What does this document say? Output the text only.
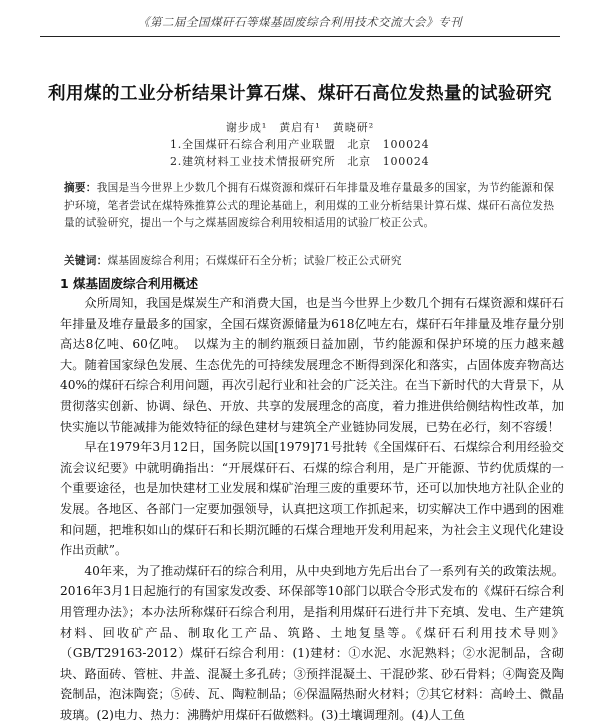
《第二届全国煤矸石等煤基固废综合利用技术交流大会》专刊
利用煤的工业分析结果计算石煤、煤矸石高位发热量的试验研究
谢步成¹　黄启有¹　黄晓研²
1.全国煤矸石综合利用产业联盟　北京　100024
2.建筑材料工业技术情报研究所　北京　100024
摘要：我国是当今世界上少数几个拥有石煤资源和煤矸石年排量及堆存量最多的国家，为节约能源和保护环境，笔者尝试在煤特殊推算公式的理论基础上，利用煤的工业分析结果计算石煤、煤矸石高位发热量的试验研究，提出一个与之煤基固废综合利用较相适用的试验厂校正公式。
关键词：煤基固废综合利用；石煤煤矸石全分析；试验厂校正公式研究
1 煤基固废综合利用概述

众所周知，我国是煤炭生产和消费大国，也是当今世界上少数几个拥有石煤资源和煤矸石年排量及堆存量最多的国家，全国石煤资源储量为618亿吨左右，煤矸石年排量及堆存量分别高达8亿吨、60亿吨。　以煤为主的制约瓶颈日益加剧，节约能源和保护环境的压力越来越大。随着国家绿色发展、生态优先的可持续发展理念不断得到深化和落实，占固体废弃物高达40%的煤矸石综合利用问题，再次引起行业和社会的广泛关注。在当下新时代的大背景下，从贯彻落实创新、协调、绿色、开放、共享的发展理念的高度，着力推进供给侧结构性改革，加快实施以节能减排为能效特征的绿色建材与建筑全产业链协同发展，已势在必行，刻不容缓！

早在1979年3月12日，国务院以国[1979]71号批转《全国煤矸石、石煤综合利用经验交流会议纪要》中就明确指出：“开展煤矸石、石煤的综合利用，是广开能源、节约优质煤的一个重要途径，也是加快建材工业发展和煤矿治理三废的重要环节，还可以加快地方社队企业的发展。各地区、各部门一定要加强领导，认真把这项工作抓起来，切实解决工作中遇到的困难和问题，把堆积如山的煤矸石和长期沉睡的石煤合理地开发利用起来，为社会主义现代化建设作出贡献”。

40年来，为了推动煤矸石的综合利用，从中央到地方先后出台了一系列有关的政策法规。2016年3月1日起施行的有国家发改委、环保部等10部门以联合令形式发布的《煤矸石综合利用管理办法》；本办法所称煤矸石综合利用，是指利用煤矸石进行井下充填、发电、生产建筑材料、回收矿产品、制取化工产品、筑路、土地复垦等。《煤矸石利用技术导则》（GB/T29163-2012）煤矸石综合利用：(1)建材：①水泥、水泥熟料；②水泥制品，含砌块、路面砖、管桩、井盖、混凝土多孔砖；③预拌混凝土、干混砂浆、砂石骨料；④陶瓷及陶瓷制品，泡沫陶瓷；⑤砖、瓦、陶粒制品；⑥保温隔热耐火材料；⑦其它材料：高岭土、微晶玻璃。(2)电力、热力：沸腾炉用煤矸石做燃料。(3)土壤调理剂。(4)人工鱼
